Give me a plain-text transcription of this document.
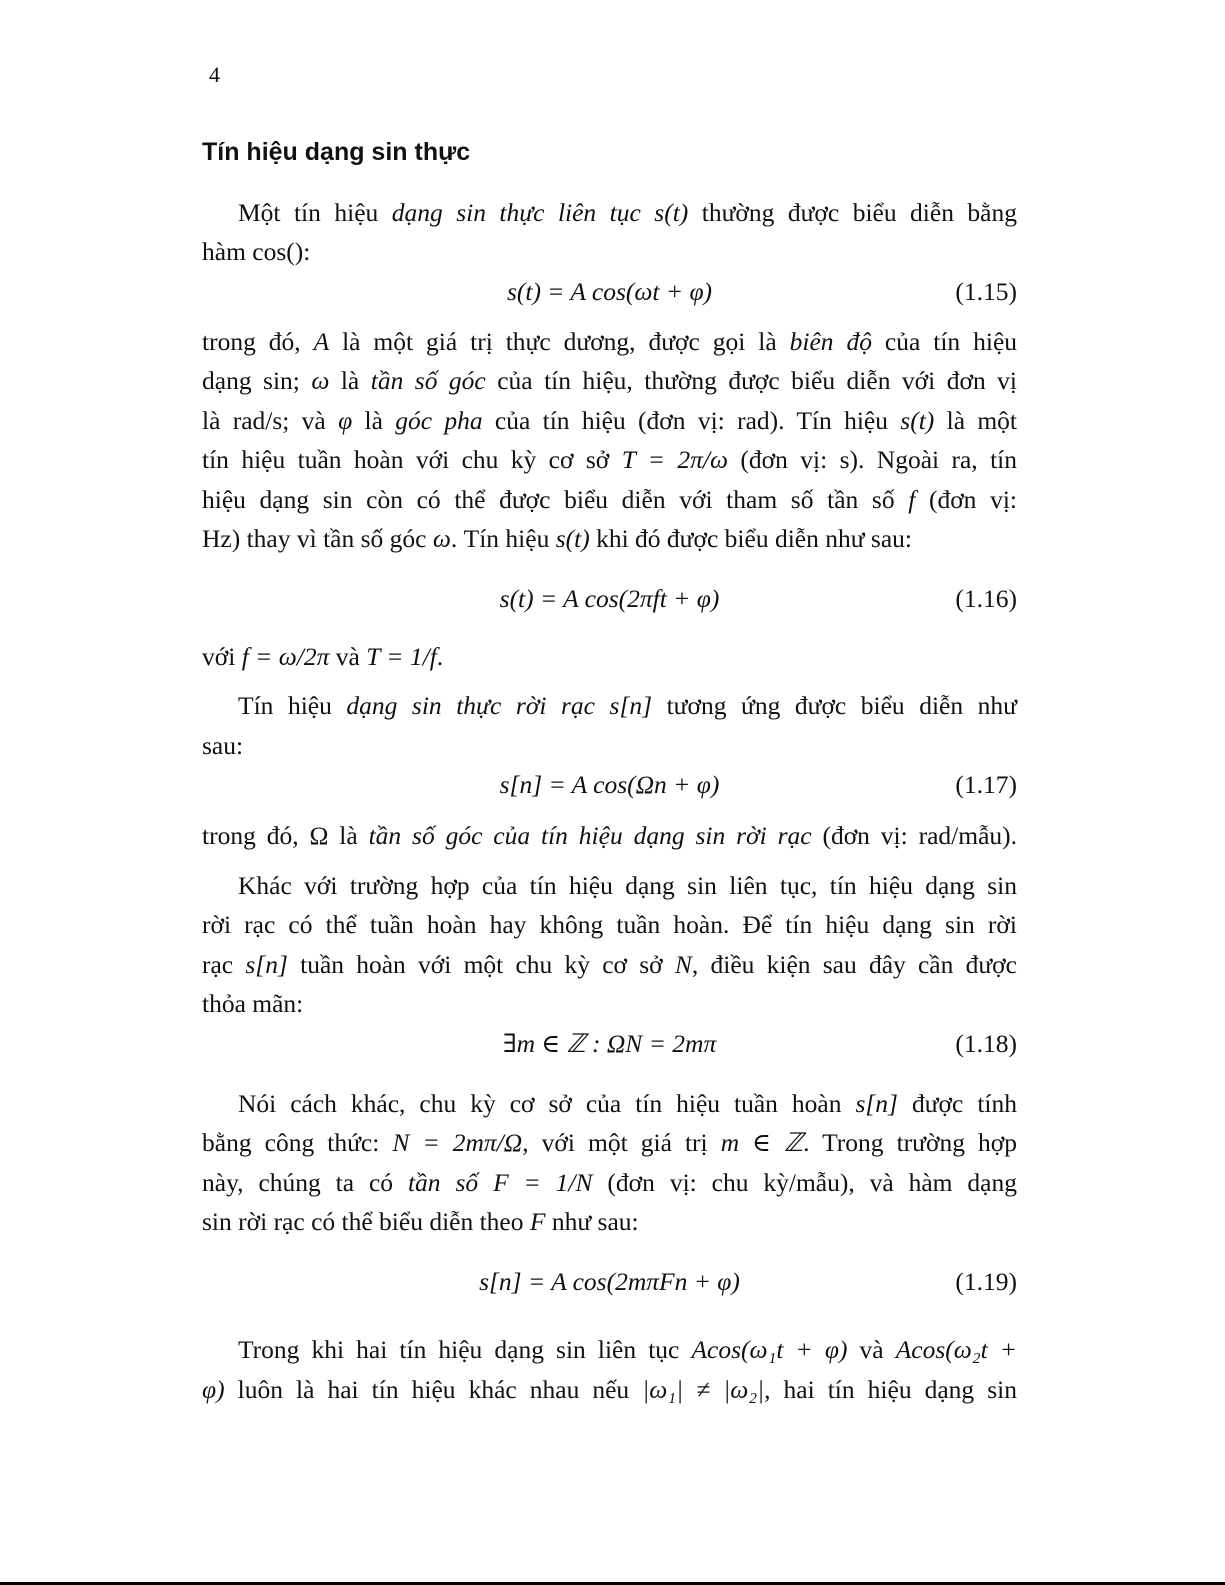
4
Tín hiệu dạng sin thực
Một tín hiệu dạng sin thực liên tục s(t) thường được biểu diễn bằng
hàm cos():
s(t) = A cos(ωt + φ)	(1.15)
trong đó, A là một giá trị thực dương, được gọi là biên độ của tín hiệu
dạng sin; ω là tần số góc của tín hiệu, thường được biểu diễn với đơn vị
là rad/s; và φ là góc pha của tín hiệu (đơn vị: rad). Tín hiệu s(t) là một
tín hiệu tuần hoàn với chu kỳ cơ sở T = 2π/ω (đơn vị: s). Ngoài ra, tín
hiệu dạng sin còn có thể được biểu diễn với tham số tần số f (đơn vị:
Hz) thay vì tần số góc ω. Tín hiệu s(t) khi đó được biểu diễn như sau:
s(t) = A cos(2πft + φ)	(1.16)
với f = ω/2π và T = 1/f.
Tín hiệu dạng sin thực rời rạc s[n] tương ứng được biểu diễn như
sau:
s[n] = A cos(Ωn + φ)	(1.17)
trong đó, Ω là tần số góc của tín hiệu dạng sin rời rạc (đơn vị: rad/mẫu).
Khác với trường hợp của tín hiệu dạng sin liên tục, tín hiệu dạng sin
rời rạc có thể tuần hoàn hay không tuần hoàn. Để tín hiệu dạng sin rời
rạc s[n] tuần hoàn với một chu kỳ cơ sở N, điều kiện sau đây cần được
thỏa mãn:
∃m ∈ ℤ : ΩN = 2mπ	(1.18)
Nói cách khác, chu kỳ cơ sở của tín hiệu tuần hoàn s[n] được tính
bằng công thức: N = 2mπ/Ω, với một giá trị m ∈ ℤ. Trong trường hợp
này, chúng ta có tần số F = 1/N (đơn vị: chu kỳ/mẫu), và hàm dạng
sin rời rạc có thể biểu diễn theo F như sau:
s[n] = A cos(2mπFn + φ)	(1.19)
Trong khi hai tín hiệu dạng sin liên tục Acos(ω₁t + φ) và Acos(ω₂t +
φ) luôn là hai tín hiệu khác nhau nếu |ω₁| ≠ |ω₂|, hai tín hiệu dạng sin
